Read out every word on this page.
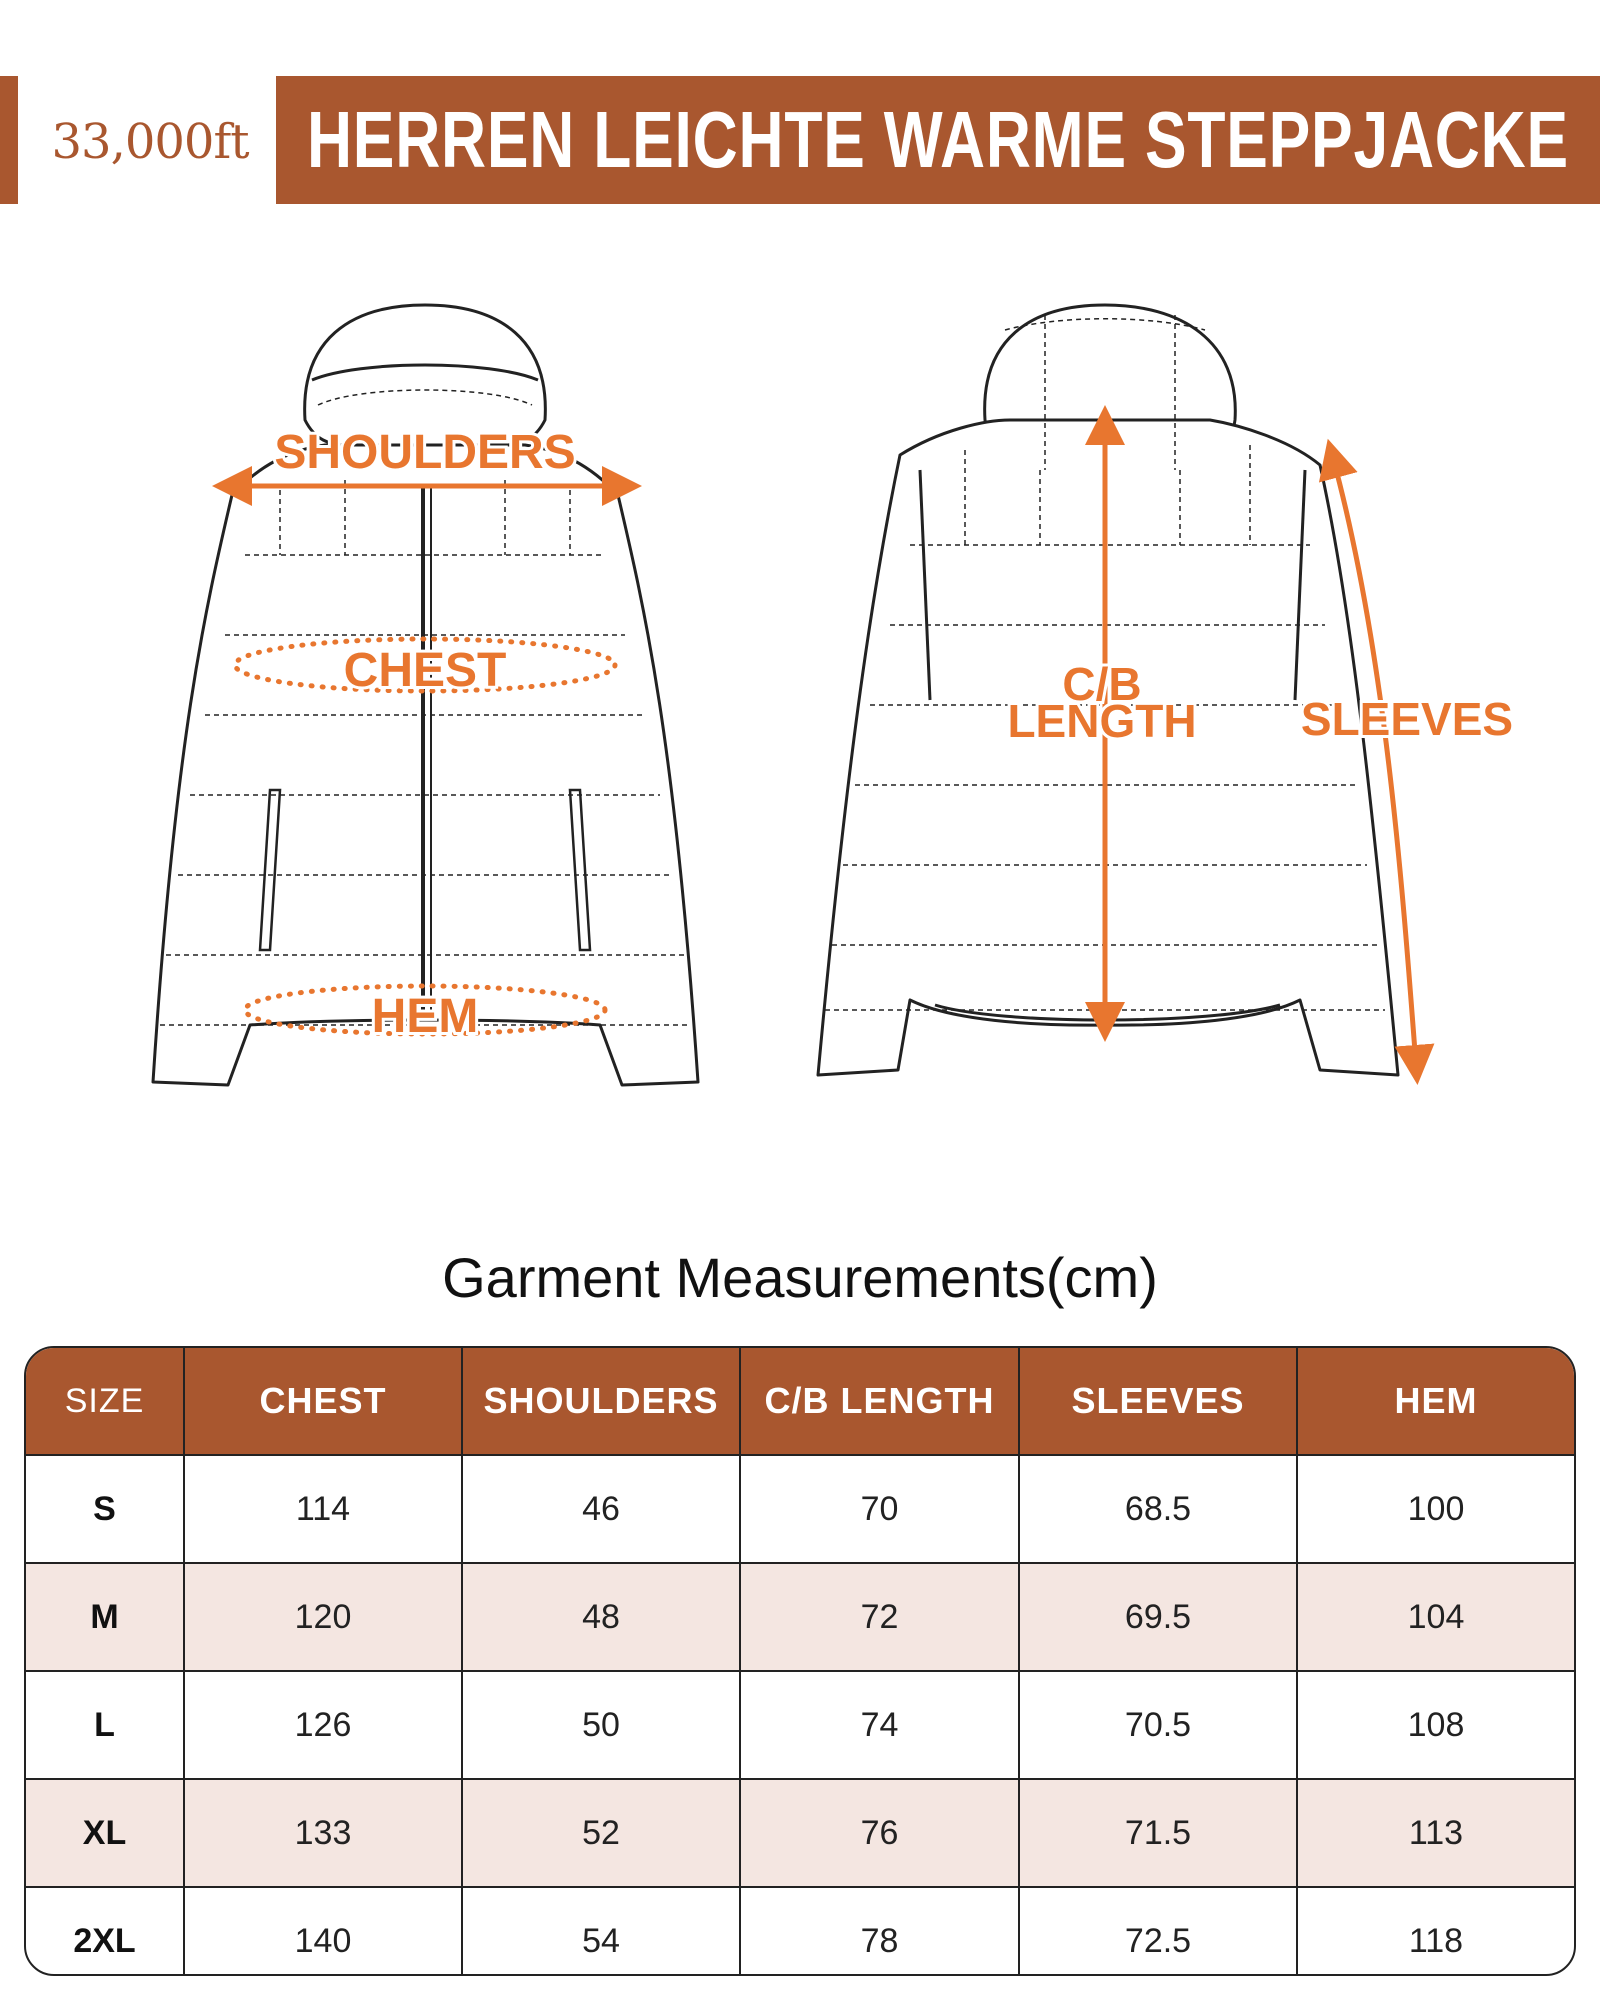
33,000ft HERREN LEICHTE WARME STEPPJACKE
SHOULDERS
CHEST
HEM
C/B
LENGTH SLEEVES
Garment Measurements(cm)
SIZE	CHEST	SHOULDERS	C/B LENGTH	SLEEVES	HEM
S	114	46	70	68.5	100
M	120	48	72	69.5	104
L	126	50	74	70.5	108
XL	133	52	76	71.5	113
2XL	140	54	78	72.5	118
